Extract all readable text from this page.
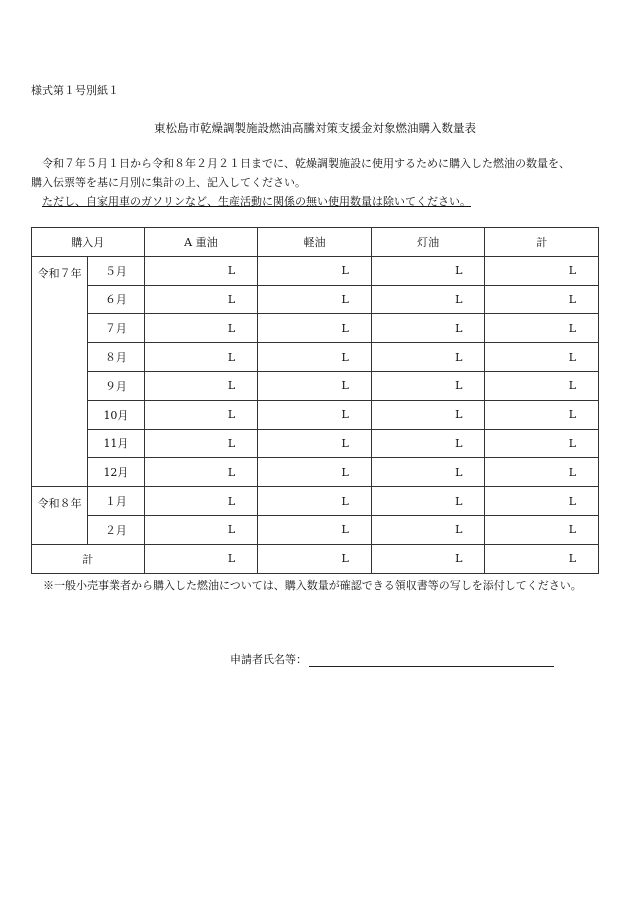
様式第１号別紙１
東松島市乾燥調製施設燃油高騰対策支援金対象燃油購入数量表

令和７年５月１日から令和８年２月２１日までに、乾燥調製施設に使用するために購入した燃油の数量を、

購入伝票等を基に月別に集計の上、記入してください。

ただし、自家用車のガソリンなど、生産活動に関係の無い使用数量は除いてください。

購入月		A 重油	軽油	灯油	計
令和７年	５月	L	L	L	L
	６月	L	L	L	L
	７月	L	L	L	L
	８月	L	L	L	L
	９月	L	L	L	L
	10月	L	L	L	L
	11月	L	L	L	L
	12月	L	L	L	L
令和８年	１月	L	L	L	L
	２月	L	L	L	L
計		L	L	L	L
※一般小売事業者から購入した燃油については、購入数量が確認できる領収書等の写しを添付してください。
申請者氏名等：
